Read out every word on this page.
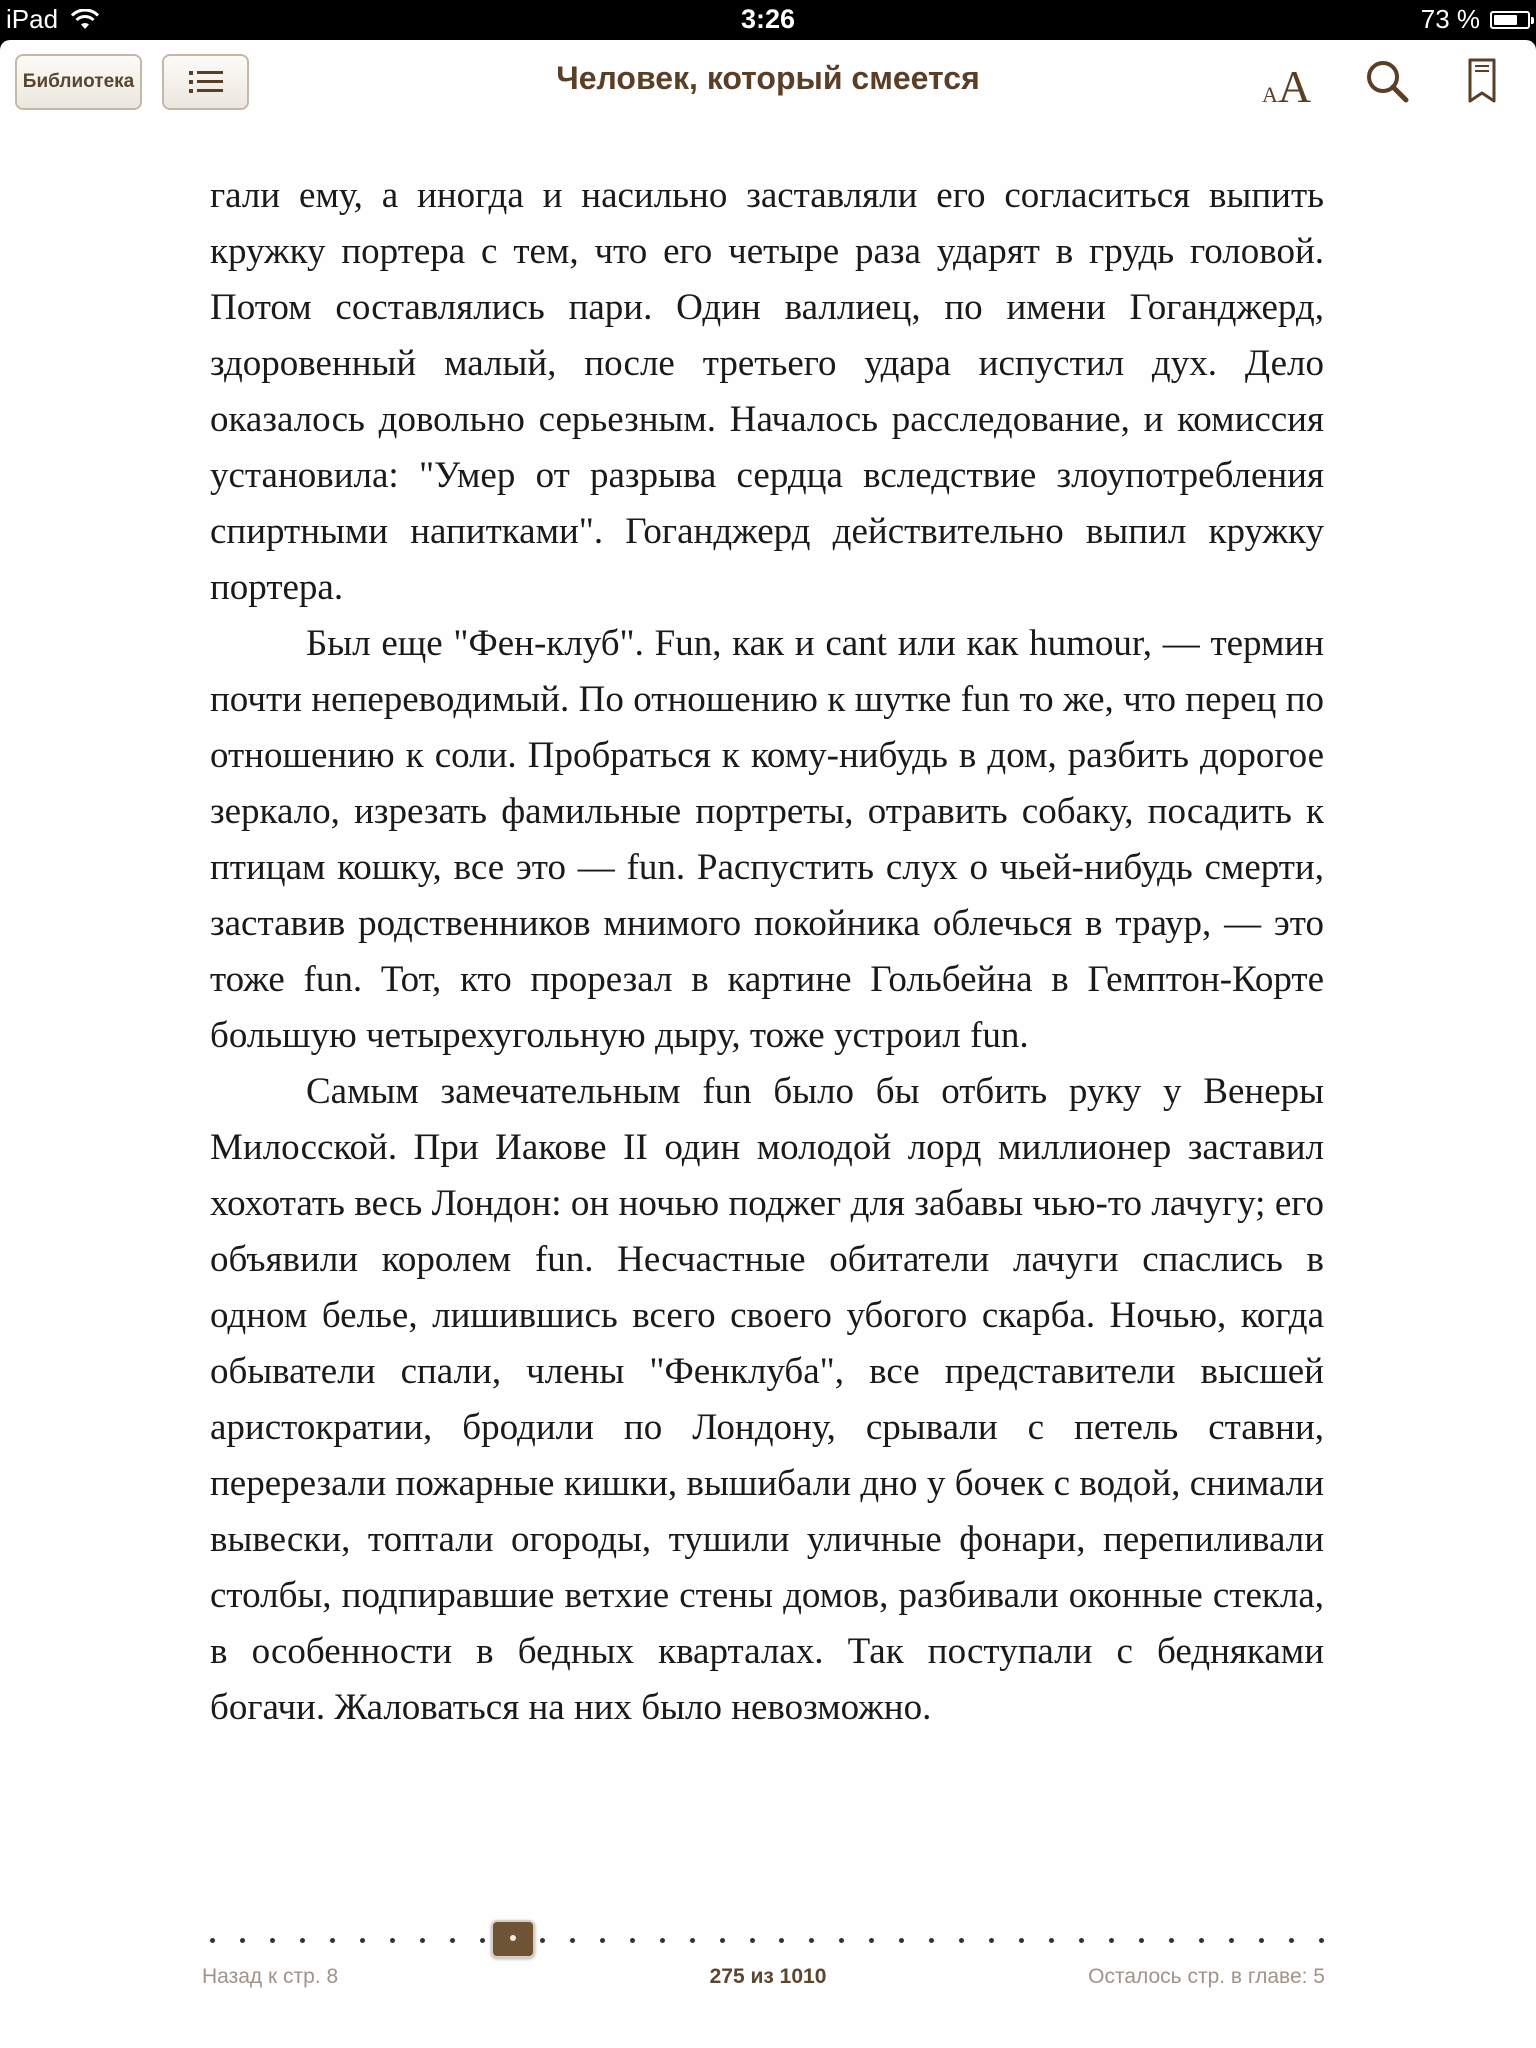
iPad	3:26	73 %
Библиотека	Человек, который смеется	AA

гали ему, а иногда и насильно заставляли его согласиться выпить кружку портера с тем, что его четыре раза ударят в грудь головой. Потом составлялись пари. Один валлиец, по имени Гоганджерд, здоровенный малый, после третьего удара испустил дух. Дело оказалось довольно серьезным. Началось расследование, и комиссия установила: "Умер от разрыва сердца вследствие злоупотребления спиртными напитками". Гоганджерд действительно выпил кружку портера.

Был еще "Фен-клуб". Fun, как и cant или как humour, — термин почти непереводимый. По отношению к шутке fun то же, что перец по отношению к соли. Пробраться к кому-нибудь в дом, разбить дорогое зеркало, изрезать фамильные портреты, отравить собаку, посадить к птицам кошку, все это — fun. Распустить слух о чьей-нибудь смерти, заставив родственников мнимого покойника облечься в траур, — это тоже fun. Тот, кто прорезал в картине Гольбейна в Гемптон-Корте большую четырехугольную дыру, тоже устроил fun.

Самым замечательным fun было бы отбить руку у Венеры Милосской. При Иакове II один молодой лорд миллионер заставил хохотать весь Лондон: он ночью поджег для забавы чью-то лачугу; его объявили королем fun. Несчастные обитатели лачуги спаслись в одном белье, лишившись всего своего убогого скарба. Ночью, когда обыватели спали, члены "Фенклуба", все представители высшей аристократии, бродили по Лондону, срывали с петель ставни, перерезали пожарные кишки, вышибали дно у бочек с водой, снимали вывески, топтали огороды, тушили уличные фонари, перепиливали столбы, подпиравшие ветхие стены домов, разбивали оконные стекла, в особенности в бедных кварталах. Так поступали с бедняками богачи. Жаловаться на них было невозможно.

Назад к стр. 8	275 из 1010	Осталось стр. в главе: 5
